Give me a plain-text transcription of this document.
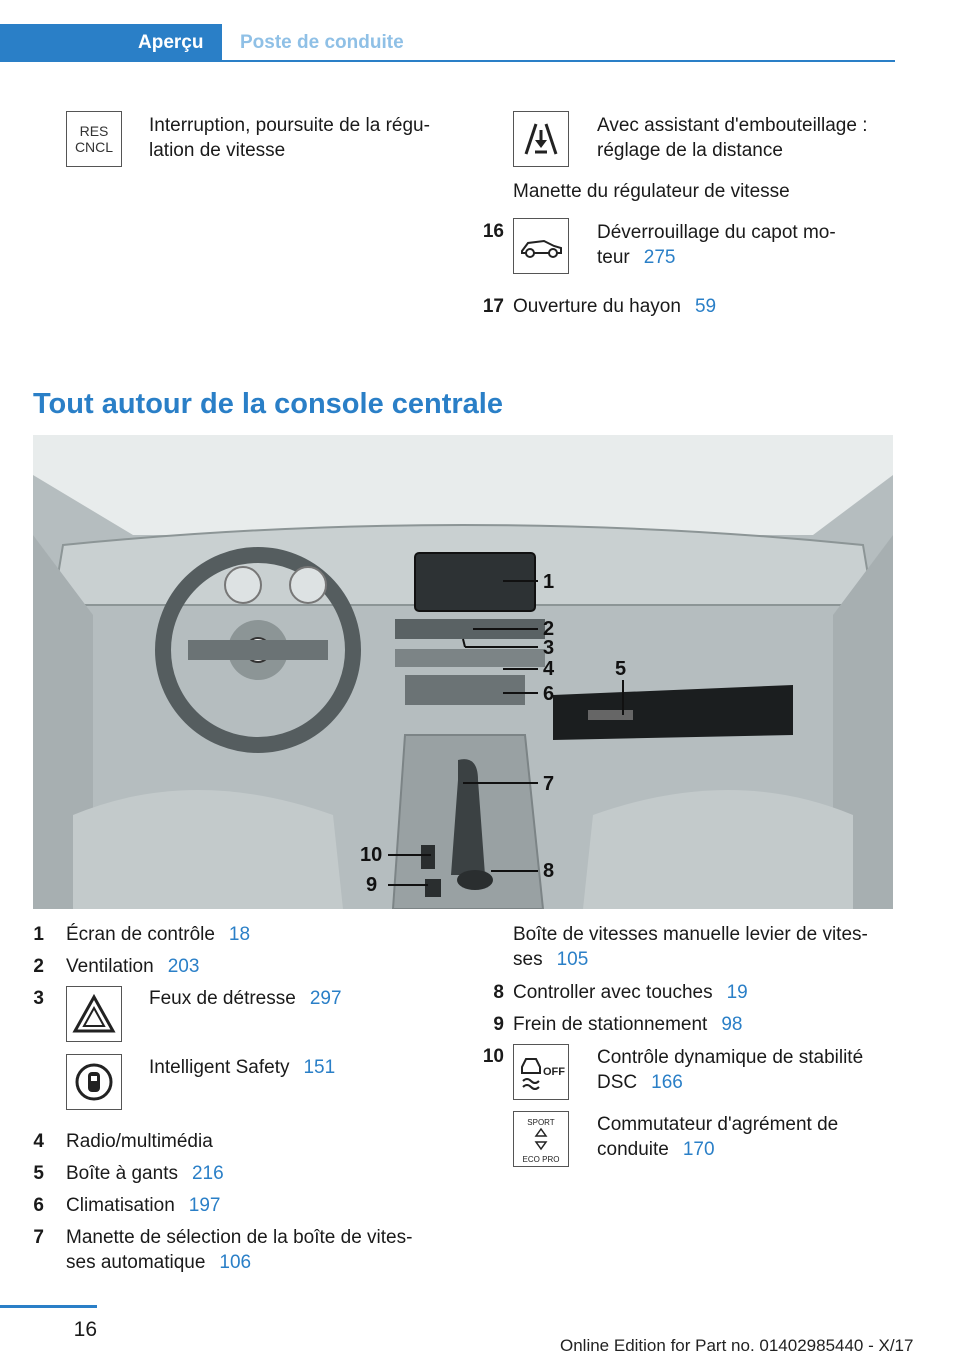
Aperçu	Poste de conduite
RES
CNCL
Interruption, poursuite de la régu-
lation de vitesse
Avec assistant d'embouteillage :
réglage de la distance
Manette du régulateur de vitesse
16	Déverrouillage du capot mo-
teur 275
17 Ouverture du hayon 59
Tout autour de la console centrale
1
2
3
4	5
6
7
8
9
10
1 Écran de contrôle 18
2 Ventilation 203
3	Feux de détresse 297
Intelligent Safety 151
4 Radio/multimédia
5 Boîte à gants 216
6 Climatisation 197
7 Manette de sélection de la boîte de vites-
ses automatique 106
Boîte de vitesses manuelle levier de vites-
ses 105
8 Controller avec touches 19
9 Frein de stationnement 98
10
OFF
Contrôle dynamique de stabilité
DSC 166
SPORT
ECO PRO
Commutateur d'agrément de
conduite 170
16
Online Edition for Part no. 01402985440 - X/17
